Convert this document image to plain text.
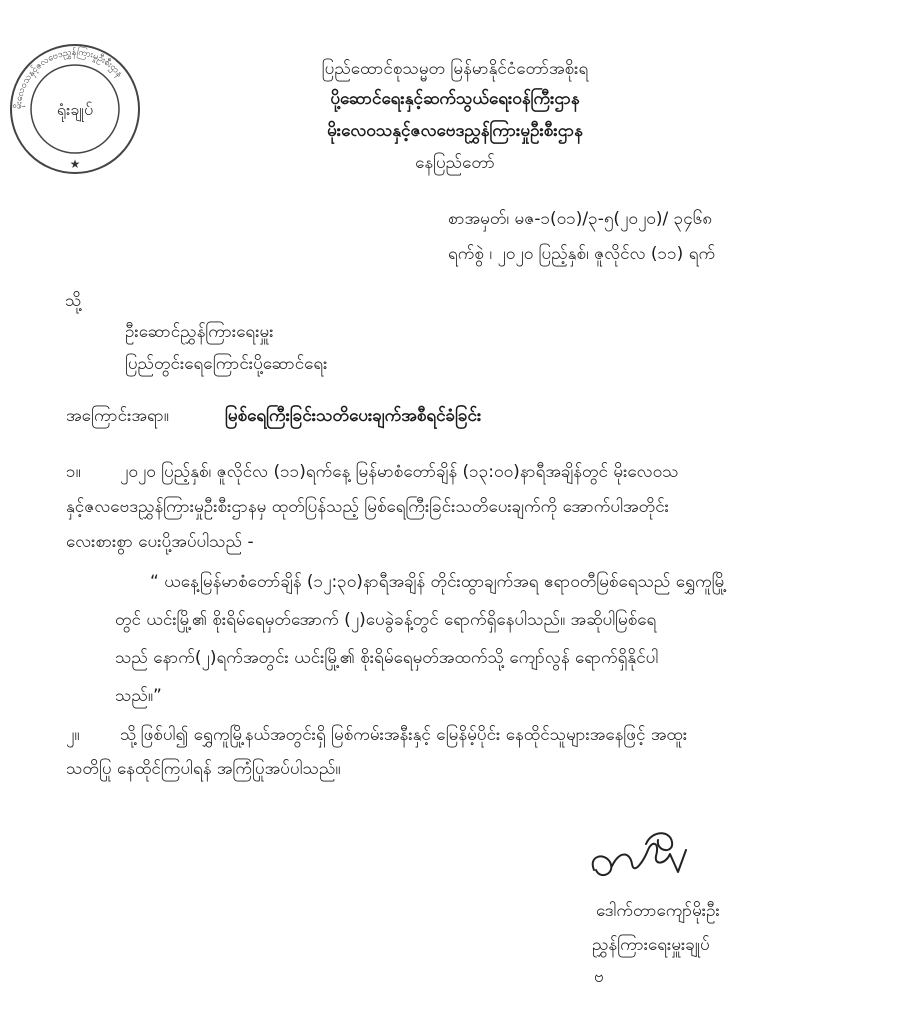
မိုးလေဝသနှင့်ဇလဗေဒညွှန်ကြားမှုဦးစီးဌာန
ရုံးချုပ်
★
ပြည်ထောင်စုသမ္မတ မြန်မာနိုင်ငံတော်အစိုးရ
ပို့ဆောင်ရေးနှင့်ဆက်သွယ်ရေးဝန်ကြီးဌာန
မိုးလေဝသနှင့်ဇလဗေဒညွှန်ကြားမှုဦးစီးဌာန
နေပြည်တော်
စာအမှတ်၊ မဇ-၁(၀၁)/၃-၅(၂၀၂၀)/ ၃၄၆၈
ရက်စွဲ ၊ ၂၀၂၀ ပြည့်နှစ်၊ ဇူလိုင်လ (၁၁) ရက်
သို့
ဦးဆောင်ညွှန်ကြားရေးမှူး
ပြည်တွင်းရေကြောင်းပို့ဆောင်ရေး
အကြောင်းအရာ။	မြစ်ရေကြီးခြင်းသတိပေးချက်အစီရင်ခံခြင်း
၁။ ၂၀၂၀ ပြည့်နှစ်၊ ဇူလိုင်လ (၁၁)ရက်နေ့ မြန်မာစံတော်ချိန် (၁၃:၀၀)နာရီအချိန်တွင် မိုးလေဝသ
နှင့်ဇလဗေဒညွှန်ကြားမှုဦးစီးဌာနမှ ထုတ်ပြန်သည့် မြစ်ရေကြီးခြင်းသတိပေးချက်ကို အောက်ပါအတိုင်း
လေးစားစွာ ပေးပို့အပ်ပါသည် -
“ ယနေ့မြန်မာစံတော်ချိန် (၁၂:၃၀)နာရီအချိန် တိုင်းထွာချက်အရ ဧရာဝတီမြစ်ရေသည် ရွှေကူမြို့
တွင် ယင်းမြို့၏ စိုးရိမ်ရေမှတ်အောက် (၂)ပေခွဲခန့်တွင် ရောက်ရှိနေပါသည်။ အဆိုပါမြစ်ရေ
သည် နောက်(၂)ရက်အတွင်း ယင်းမြို့၏ စိုးရိမ်ရေမှတ်အထက်သို့ ကျော်လွန် ရောက်ရှိနိုင်ပါ
သည်။”
၂။ သို့ဖြစ်ပါ၍ ရွှေကူမြို့နယ်အတွင်းရှိ မြစ်ကမ်းအနီးနှင့် မြေနိမ့်ပိုင်း နေထိုင်သူများအနေဖြင့် အထူး
သတိပြု နေထိုင်ကြပါရန် အကြံပြုအပ်ပါသည်။
ဒေါက်တာကျော်မိုးဦး
ညွှန်ကြားရေးမှူးချုပ်
ဗ
